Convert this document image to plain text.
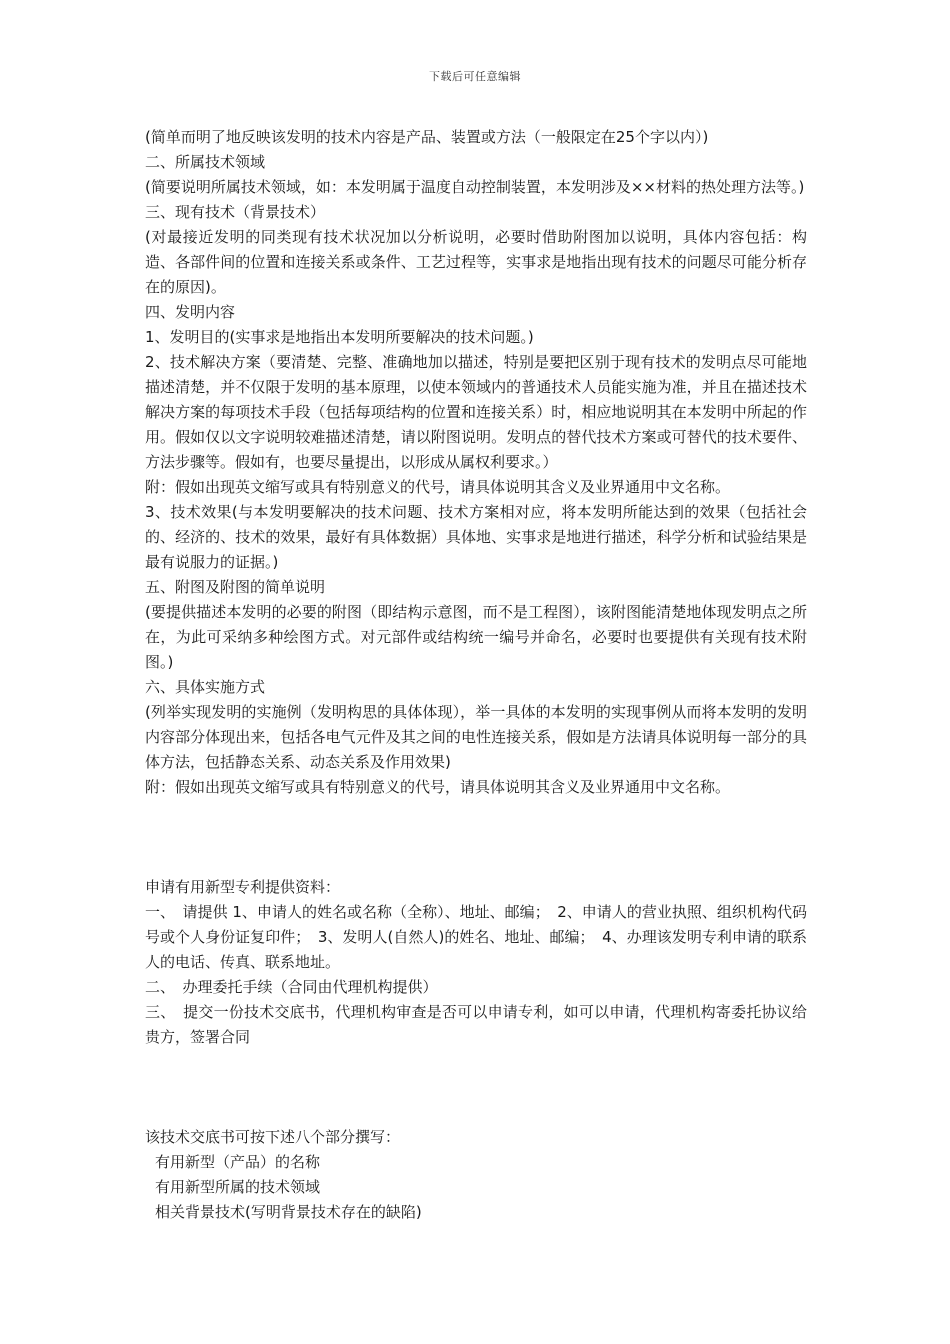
下载后可任意编辑

(简单而明了地反映该发明的技术内容是产品、装置或方法（一般限定在25个字以内）)

二、所属技术领域

(简要说明所属技术领域，如：本发明属于温度自动控制装置，本发明涉及××材料的热处理方法等。)

三、现有技术（背景技术）

(对最接近发明的同类现有技术状况加以分析说明，必要时借助附图加以说明，具体内容包括：构造、各部件间的位置和连接关系或条件、工艺过程等，实事求是地指出现有技术的问题尽可能分析存在的原因)。

四、发明内容

1、发明目的(实事求是地指出本发明所要解决的技术问题。)

2、技术解决方案（要清楚、完整、准确地加以描述，特别是要把区别于现有技术的发明点尽可能地描述清楚，并不仅限于发明的基本原理，以使本领域内的普通技术人员能实施为准，并且在描述技术解决方案的每项技术手段（包括每项结构的位置和连接关系）时，相应地说明其在本发明中所起的作用。假如仅以文字说明较难描述清楚，请以附图说明。发明点的替代技术方案或可替代的技术要件、方法步骤等。假如有，也要尽量提出，以形成从属权利要求。）

附：假如出现英文缩写或具有特别意义的代号，请具体说明其含义及业界通用中文名称。

3、技术效果(与本发明要解决的技术问题、技术方案相对应，将本发明所能达到的效果（包括社会的、经济的、技术的效果，最好有具体数据）具体地、实事求是地进行描述，科学分析和试验结果是最有说服力的证据。)

五、附图及附图的简单说明

(要提供描述本发明的必要的附图（即结构示意图，而不是工程图），该附图能清楚地体现发明点之所在，为此可采纳多种绘图方式。对元部件或结构统一编号并命名，必要时也要提供有关现有技术附图。)

六、具体实施方式

(列举实现发明的实施例（发明构思的具体体现），举一具体的本发明的实现事例从而将本发明的发明内容部分体现出来，包括各电气元件及其之间的电性连接关系，假如是方法请具体说明每一部分的具体方法，包括静态关系、动态关系及作用效果)

附：假如出现英文缩写或具有特别意义的代号，请具体说明其含义及业界通用中文名称。

申请有用新型专利提供资料：

一、　请提供 1、申请人的姓名或名称（全称）、地址、邮编；　2、申请人的营业执照、组织机构代码号或个人身份证复印件；　3、发明人(自然人)的姓名、地址、邮编；　4、办理该发明专利申请的联系人的电话、传真、联系地址。

二、　办理委托手续（合同由代理机构提供）

三、　提交一份技术交底书，代理机构审查是否可以申请专利，如可以申请，代理机构寄委托协议给贵方，签署合同

该技术交底书可按下述八个部分撰写：

有用新型（产品）的名称

有用新型所属的技术领域

相关背景技术(写明背景技术存在的缺陷)
